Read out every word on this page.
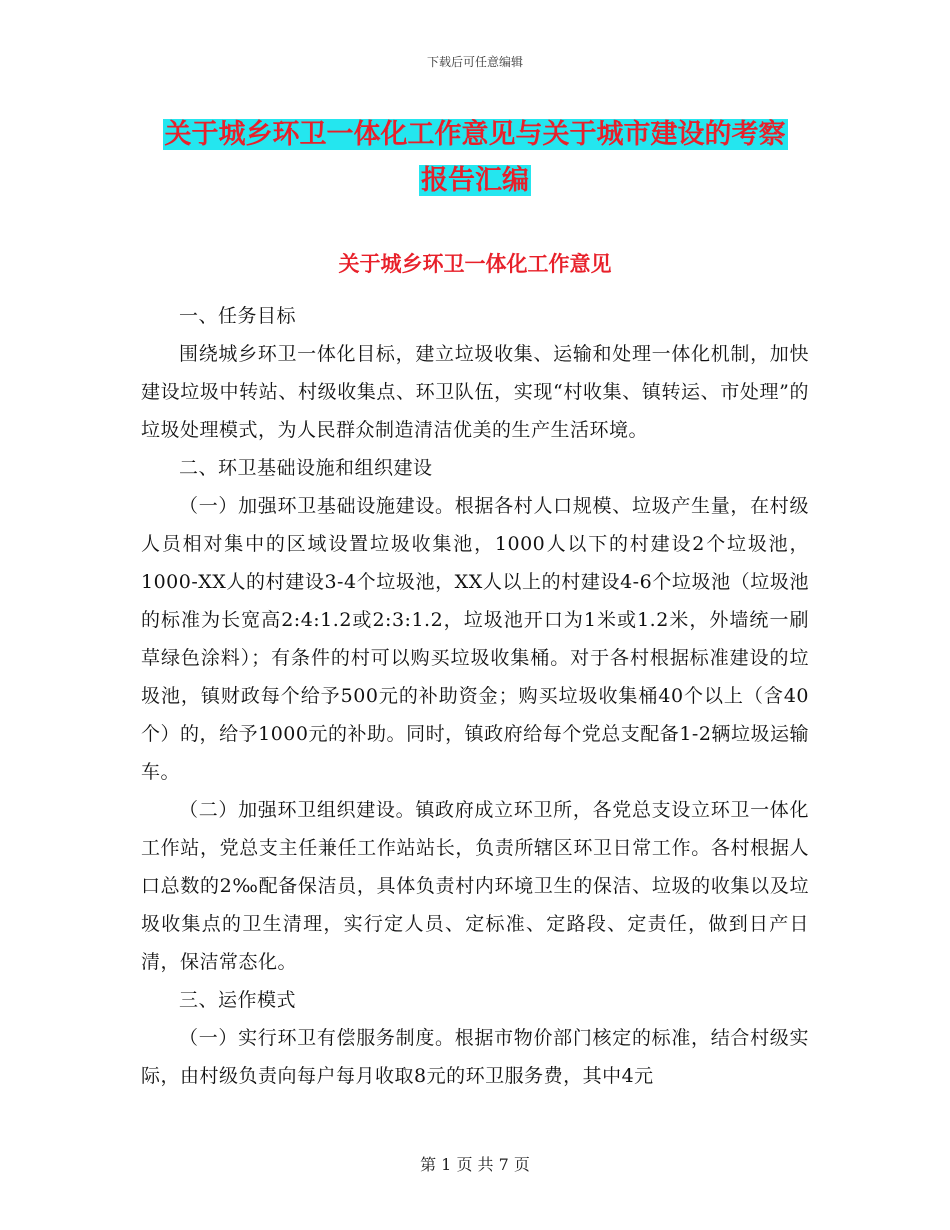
下载后可任意编辑
关于城乡环卫一体化工作意见与关于城市建设的考察
报告汇编
关于城乡环卫一体化工作意见

一、任务目标

围绕城乡环卫一体化目标，建立垃圾收集、运输和处理一体化机制，加快建设垃圾中转站、村级收集点、环卫队伍，实现“村收集、镇转运、市处理”的垃圾处理模式，为人民群众制造清洁优美的生产生活环境。

二、环卫基础设施和组织建设

（一）加强环卫基础设施建设。根据各村人口规模、垃圾产生量，在村级人员相对集中的区域设置垃圾收集池，1000人以下的村建设2个垃圾池，1000-XX人的村建设3-4个垃圾池，XX人以上的村建设4-6个垃圾池（垃圾池的标准为长宽高2:4:1.2或2:3:1.2，垃圾池开口为1米或1.2米，外墙统一刷草绿色涂料）；有条件的村可以购买垃圾收集桶。对于各村根据标准建设的垃圾池，镇财政每个给予500元的补助资金；购买垃圾收集桶40个以上（含40个）的，给予1000元的补助。同时，镇政府给每个党总支配备1-2辆垃圾运输车。

（二）加强环卫组织建设。镇政府成立环卫所，各党总支设立环卫一体化工作站，党总支主任兼任工作站站长，负责所辖区环卫日常工作。各村根据人口总数的2‰配备保洁员，具体负责村内环境卫生的保洁、垃圾的收集以及垃圾收集点的卫生清理，实行定人员、定标准、定路段、定责任，做到日产日清，保洁常态化。

三、运作模式

（一）实行环卫有偿服务制度。根据市物价部门核定的标准，结合村级实际，由村级负责向每户每月收取8元的环卫服务费，其中4元

第 1 页 共 7 页
